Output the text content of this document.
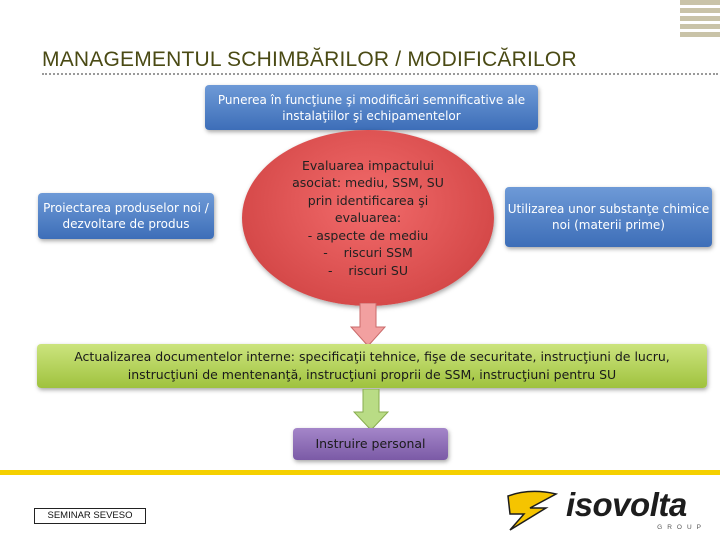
MANAGEMENTUL SCHIMBĂRILOR / MODIFICĂRILOR
Punerea în funcţiune şi modificări semnificative ale instalaţiilor şi echipamentelor
Proiectarea produselor noi / dezvoltare de produs
Evaluarea impactului
asociat: mediu, SSM, SU
prin identificarea şi
evaluarea:
- aspecte de mediu
-    riscuri SSM
-    riscuri SU
Utilizarea unor substanţe chimice noi (materii prime)
Actualizarea documentelor interne: specificaţii tehnice, fişe de securitate, instrucţiuni de lucru,
instrucţiuni de mentenanţă, instrucţiuni proprii de SSM, instrucţiuni pentru SU
Instruire personal
SEMINAR SEVESO	isovolta
GROUP
